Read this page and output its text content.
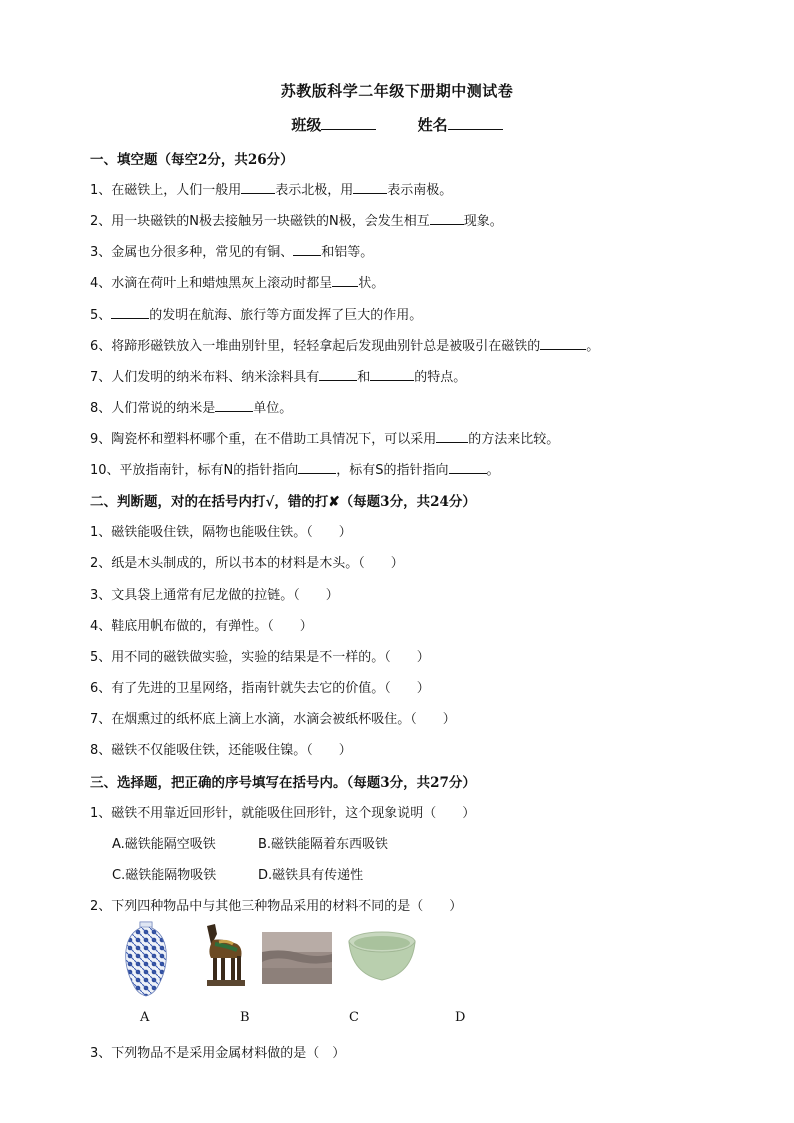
苏教版科学二年级下册期中测试卷
班级	姓名
一、填空题（每空2分，共26分）
1、在磁铁上，人们一般用	表示北极，用	表示南极。
2、用一块磁铁的N极去接触另一块磁铁的N极，会发生相互	现象。
3、金属也分很多种，常见的有铜、 和铝等。
4、水滴在荷叶上和蜡烛黑灰上滚动时都呈 状。
5、	的发明在航海、旅行等方面发挥了巨大的作用。
6、将蹄形磁铁放入一堆曲别针里，轻轻拿起后发现曲别针总是被吸引在磁铁的	。
7、人们发明的纳米布料、纳米涂料具有	和	的特点。
8、人们常说的纳米是	单位。
9、陶瓷杯和塑料杯哪个重，在不借助工具情况下，可以采用 的方法来比较。
10、平放指南针，标有N的指针指向	，标有S的指针指向	。
二、判断题，对的在括号内打√，错的打✘（每题3分，共24分）
1、磁铁能吸住铁，隔物也能吸住铁。（　　）
2、纸是木头制成的，所以书本的材料是木头。（　　）
3、文具袋上通常有尼龙做的拉链。（　　）
4、鞋底用帆布做的，有弹性。（　　）
5、用不同的磁铁做实验，实验的结果是不一样的。（　　）
6、有了先进的卫星网络，指南针就失去它的价值。（　　）
7、在烟熏过的纸杯底上滴上水滴，水滴会被纸杯吸住。（　　）
8、磁铁不仅能吸住铁，还能吸住镍。（　　）
三、选择题，把正确的序号填写在括号内。（每题3分，共27分）
1、磁铁不用靠近回形针，就能吸住回形针，这个现象说明（　　）
A.磁铁能隔空吸铁	B.磁铁能隔着东西吸铁
C.磁铁能隔物吸铁	D.磁铁具有传递性
2、下列四种物品中与其他三种物品采用的材料不同的是（　　）
A	B	C	D
3、下列物品不是采用金属材料做的是（　）
